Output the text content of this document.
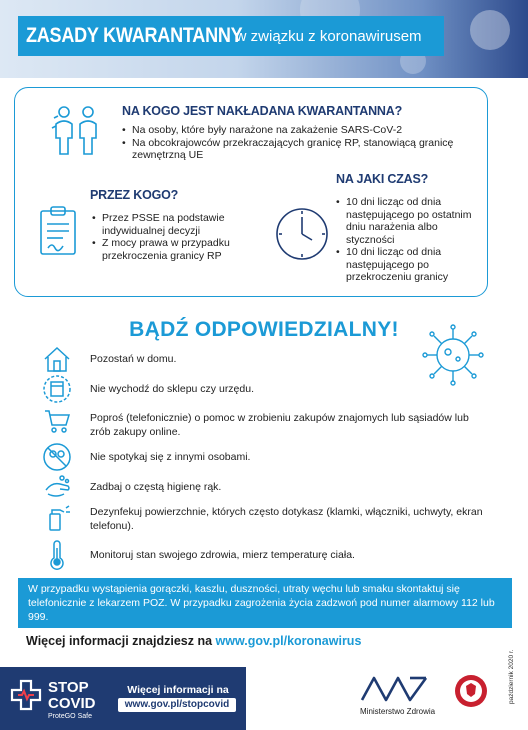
ZASADY KWARANTANNY
w związku z koronawirusem
NA KOGO JEST NAKŁADANA KWARANTANNA?
• Na osoby, które były narażone na zakażenie SARS-CoV-2
• Na obcokrajowców przekraczających granicę RP, stanowiącą granicę zewnętrzną UE
PRZEZ KOGO?
• Przez PSSE na podstawie indywidualnej decyzji
• Z mocy prawa w przypadku przekroczenia granicy RP
NA JAKI CZAS?
• 10 dni licząc od dnia następującego po ostatnim dniu narażenia albo styczności
• 10 dni licząc od dnia następującego po przekroczeniu granicy
BĄDŹ ODPOWIEDZIALNY!
Pozostań w domu.
Nie wychodź do sklepu czy urzędu.
Poproś (telefonicznie) o pomoc w zrobieniu zakupów znajomych lub sąsiadów lub zrób zakupy online.
Nie spotykaj się z innymi osobami.
Zadbaj o częstą higienę rąk.
Dezynfekuj powierzchnie, których często dotykasz (klamki, włączniki, uchwyty, ekran telefonu).
Monitoruj stan swojego zdrowia, mierz temperaturę ciała.
W przypadku wystąpienia gorączki, kaszlu, duszności, utraty węchu lub smaku skontaktuj się telefonicznie z lekarzem POZ. W przypadku zagrożenia życia zadzwoń pod numer alarmowy 112 lub 999.
Więcej informacji znajdziesz na www.gov.pl/koronawirus
STOP
COVID
ProteGO Safe
Więcej informacji na
www.gov.pl/stopcovid
Ministerstwo Zdrowia
październik 2020 r.
